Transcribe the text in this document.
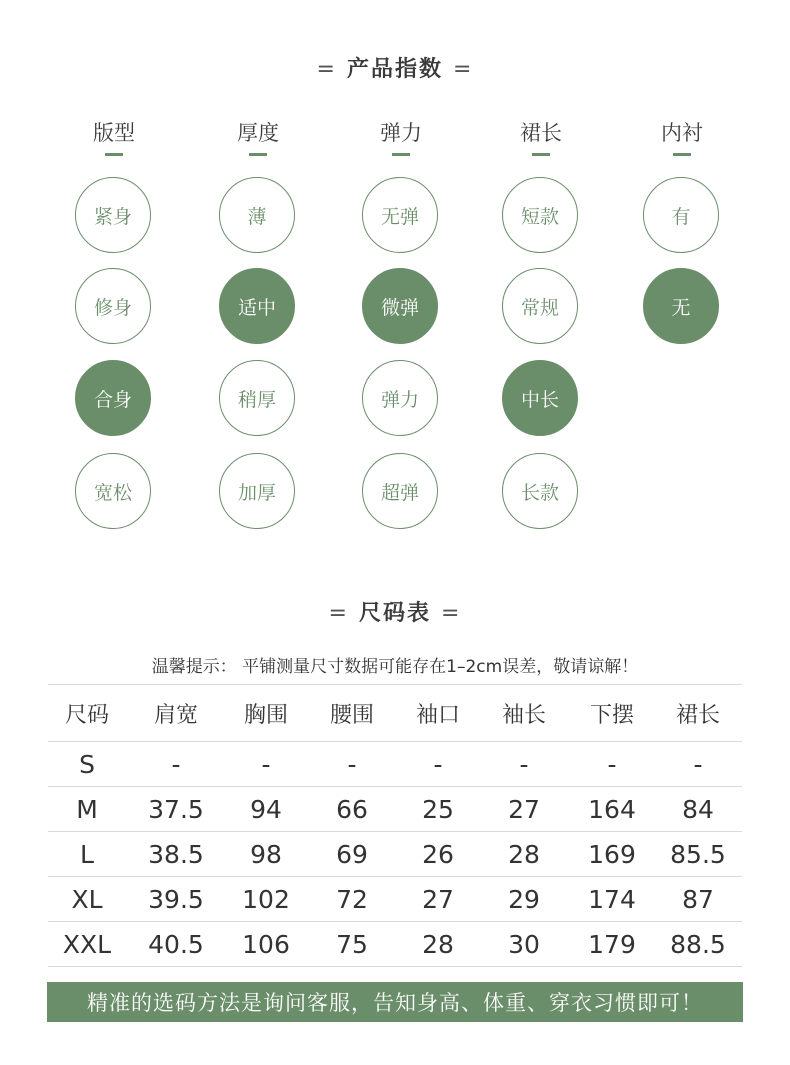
= 产品指数 =
版型	厚度	弹力	裙长	内衬
紧身
修身
合身
宽松
薄
适中
稍厚
加厚
无弹
微弹
弹力
超弹
短款
常规
中长
长款
有
无
= 尺码表 =
温馨提示： 平铺测量尺寸数据可能存在1–2cm误差，敬请谅解！
尺码	肩宽	胸围	腰围	袖口	袖长	下摆	裙长
S	-	-	-	-	-	-	-
M	37.5	94	66	25	27	164	84
L	38.5	98	69	26	28	169	85.5
XL	39.5	102	72	27	29	174	87
XXL	40.5	106	75	28	30	179	88.5
精准的选码方法是询问客服，告知身高、体重、穿衣习惯即可！
